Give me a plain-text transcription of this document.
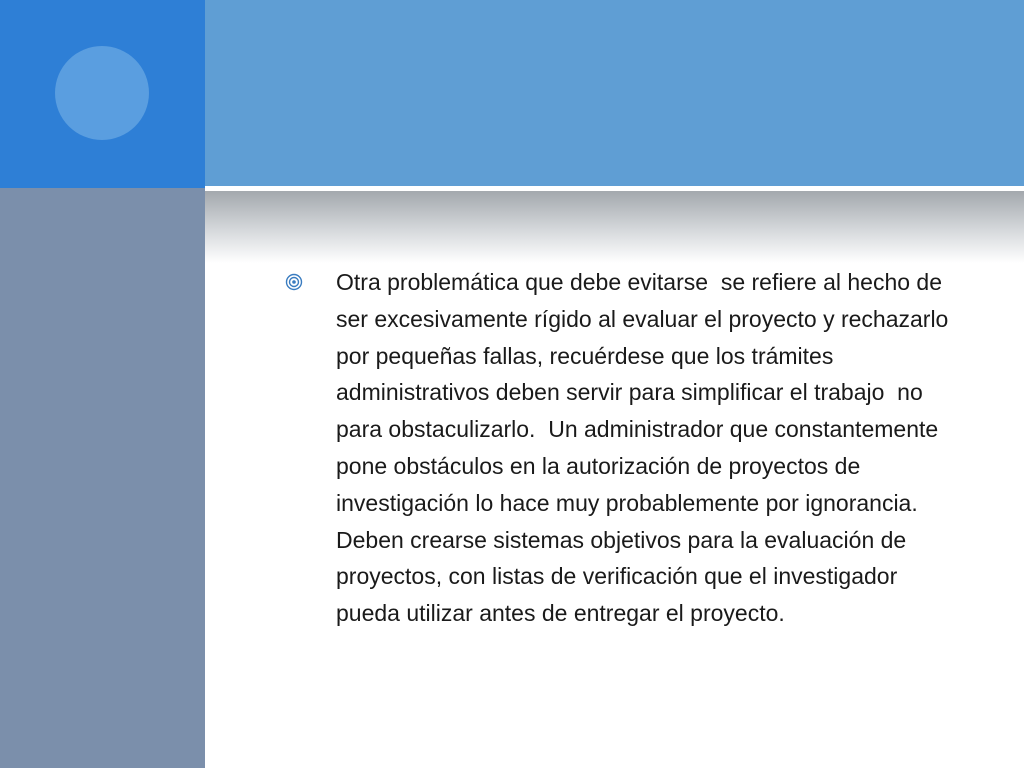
Otra problemática que debe evitarse  se refiere al hecho de ser excesivamente rígido al evaluar el proyecto y rechazarlo por pequeñas fallas, recuérdese que los trámites administrativos deben servir para simplificar el trabajo  no para obstaculizarlo.  Un administrador que constantemente pone obstáculos en la autorización de proyectos de investigación lo hace muy probablemente por ignorancia.  Deben crearse sistemas objetivos para la evaluación de proyectos, con listas de verificación que el investigador pueda utilizar antes de entregar el proyecto.
